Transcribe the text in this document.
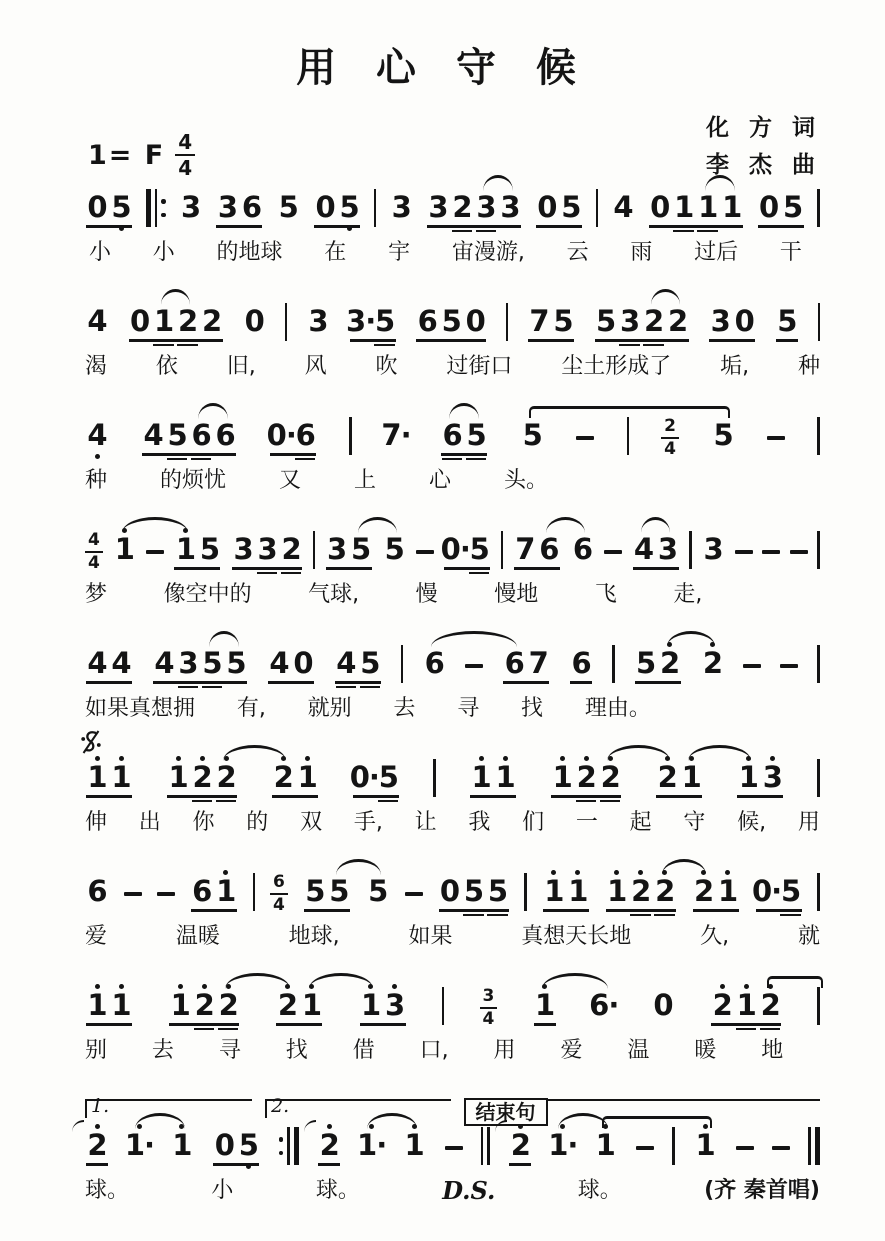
用 心 守 候
化 方 词
李 杰 曲
1= F $\frac{4}{4}$
0 5 3 3 6 5 0 5 3 3 2 3 3 0 5 4 0 1 1 1 0 5
小 小 的地球 在 宇 宙漫游, 云 雨 过后 干
4 0 1 2 2 0 3 3· 5 6 5 0 7 5 5 3 2 2 3 0 5
渴 依 旧, 风 吹 过街口 尘土形成了 垢, 种
4 4 5 6 6 0· 6 7· 6 5 5	$\frac{2}{4} 5$
种 的烦忧 又 上 心 头。
$\frac{4}{4} 1$ 1 5 3 3 2 3 5 5 0· 5 7 6 6 4 3 3
梦	像空中的	气球,	慢	慢地	飞	走,
4 4 4 3 5 5 4 0 4 5 6 6 7 6 5 2 2
如果真想拥 有, 就别 去 寻 找 理由。
1 1 1 2 2 2 1 0· 5	1 1 1 2 2 2 1 1 3
伸 出 你 的 双 手, 让 我 们 一 起 守 候, 用
6	6 $1 \frac{6}{4} 5$ 5 5 0 5 5 1 1 1 2 2 2 1 0· 5
爱	温暖	地球,	如果	真想天长地	久,	就
1 1 1 2 2 2 1 1 3	$\frac{3}{4} 1$ 6· 0 2 1 2
别 去 寻 找 借 口, 用 爱 温 暖 地
1.	2.	结束句
2 1· 1 0 5 2 1· 1	2 1· 1	1
球。	小	球。	D.S.	球。	(齐 秦首唱)
